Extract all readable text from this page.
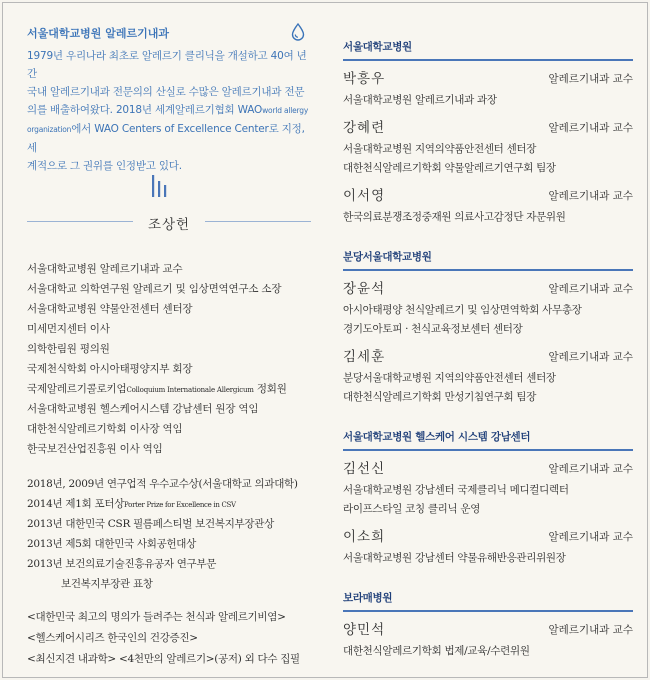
서울대학교병원 알레르기내과
1979년 우리나라 최초로 알레르기 클리닉을 개설하고 40여 년간
국내 알레르기내과 전문의의 산실로 수많은 알레르기내과 전문
의를 배출하여왔다. 2018년 세계알레르기협회 WAOworld allergy
organization에서 WAO Centers of Excellence Center로 지정, 세
계적으로 그 권위를 인정받고 있다.
조상헌
서울대학교병원 알레르기내과 교수
서울대학교 의학연구원 알레르기 및 임상면역연구소 소장
서울대학교병원 약물안전센터 센터장
미세먼지센터 이사
의학한림원 평의원
국제천식학회 아시아태평양지부 회장
국제알레르기콜로키엄Colloquium Internationale Allergicum 정회원
서울대학교병원 헬스케어시스템 강남센터 원장 역임
대한천식알레르기학회 이사장 역임
한국보건산업진흥원 이사 역임
2018년, 2009년 연구업적 우수교수상(서울대학교 의과대학)
2014년 제1회 포터상Porter Prize for Excellence in CSV
2013년 대한민국 CSR 필름페스티벌 보건복지부장관상
2013년 제5회 대한민국 사회공헌대상
2013년 보건의료기술진흥유공자 연구부문
보건복지부장관 표창
<대한민국 최고의 명의가 들려주는 천식과 알레르기비염>
<헬스케어시리즈 한국인의 건강증진>
<최신지견 내과학> <4천만의 알레르기>(공저) 외 다수 집필
서울대학교병원
박흥우	알레르기내과 교수
서울대학교병원 알레르기내과 과장
강혜련	알레르기내과 교수
서울대학교병원 지역의약품안전센터 센터장
대한천식알레르기학회 약물알레르기연구회 팀장
이서영	알레르기내과 교수
한국의료분쟁조정중재원 의료사고감정단 자문위원
분당서울대학교병원
장윤석	알레르기내과 교수
아시아태평양 천식알레르기 및 임상면역학회 사무총장
경기도아토피 · 천식교육정보센터 센터장
김세훈	알레르기내과 교수
분당서울대학교병원 지역의약품안전센터 센터장
대한천식알레르기학회 만성기침연구회 팀장
서울대학교병원 헬스케어 시스템 강남센터
김선신	알레르기내과 교수
서울대학교병원 강남센터 국제클리닉 메디컬디렉터
라이프스타일 코칭 클리닉 운영
이소희	알레르기내과 교수
서울대학교병원 강남센터 약물유해반응관리위원장
보라매병원
양민석	알레르기내과 교수
대한천식알레르기학회 법제/교육/수련위원
